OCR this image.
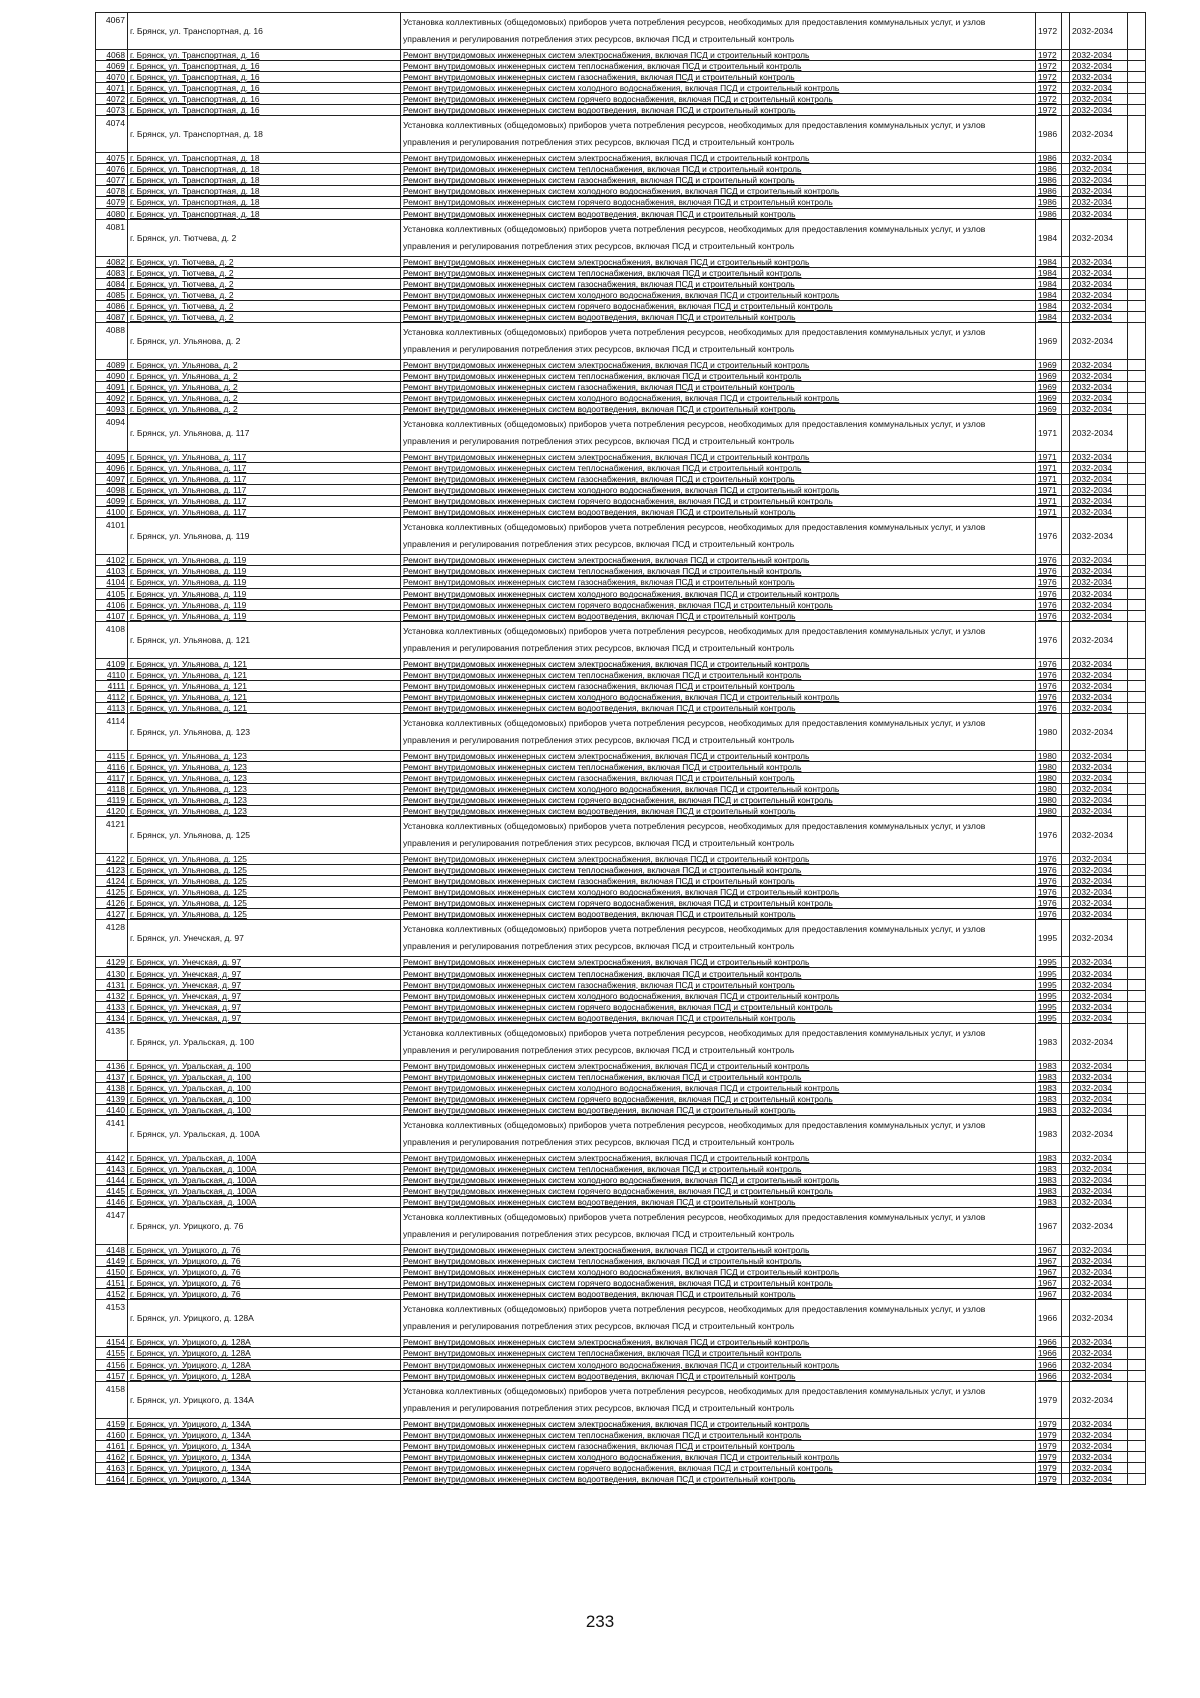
4067	г. Брянск, ул. Транспортная, д. 16	Установка коллективных (общедомовых) приборов учета потребления ресурсов, необходимых для предоставления коммунальных услуг, и узлов управления и регулирования потребления этих ресурсов, включая ПСД и строительный контроль	1972		2032-2034	
4068	г. Брянск, ул. Транспортная, д. 16	Ремонт внутридомовых инженерных систем электроснабжения, включая ПСД и строительный контроль	1972		2032-2034	
4069	г. Брянск, ул. Транспортная, д. 16	Ремонт внутридомовых инженерных систем теплоснабжения, включая ПСД и строительный контроль	1972		2032-2034	
4070	г. Брянск, ул. Транспортная, д. 16	Ремонт внутридомовых инженерных систем газоснабжения, включая ПСД и строительный контроль	1972		2032-2034	
4071	г. Брянск, ул. Транспортная, д. 16	Ремонт внутридомовых инженерных систем холодного водоснабжения, включая ПСД и строительный контроль	1972		2032-2034	
4072	г. Брянск, ул. Транспортная, д. 16	Ремонт внутридомовых инженерных систем горячего водоснабжения, включая ПСД и строительный контроль	1972		2032-2034	
4073	г. Брянск, ул. Транспортная, д. 16	Ремонт внутридомовых инженерных систем водоотведения, включая ПСД и строительный контроль	1972		2032-2034	
4074	г. Брянск, ул. Транспортная, д. 18	Установка коллективных (общедомовых) приборов учета потребления ресурсов, необходимых для предоставления коммунальных услуг, и узлов управления и регулирования потребления этих ресурсов, включая ПСД и строительный контроль	1986		2032-2034	
4075	г. Брянск, ул. Транспортная, д. 18	Ремонт внутридомовых инженерных систем электроснабжения, включая ПСД и строительный контроль	1986		2032-2034	
4076	г. Брянск, ул. Транспортная, д. 18	Ремонт внутридомовых инженерных систем теплоснабжения, включая ПСД и строительный контроль	1986		2032-2034	
4077	г. Брянск, ул. Транспортная, д. 18	Ремонт внутридомовых инженерных систем газоснабжения, включая ПСД и строительный контроль	1986		2032-2034	
4078	г. Брянск, ул. Транспортная, д. 18	Ремонт внутридомовых инженерных систем холодного водоснабжения, включая ПСД и строительный контроль	1986		2032-2034	
4079	г. Брянск, ул. Транспортная, д. 18	Ремонт внутридомовых инженерных систем горячего водоснабжения, включая ПСД и строительный контроль	1986		2032-2034	
4080	г. Брянск, ул. Транспортная, д. 18	Ремонт внутридомовых инженерных систем водоотведения, включая ПСД и строительный контроль	1986		2032-2034	
4081	г. Брянск, ул. Тютчева, д. 2	Установка коллективных (общедомовых) приборов учета потребления ресурсов, необходимых для предоставления коммунальных услуг, и узлов управления и регулирования потребления этих ресурсов, включая ПСД и строительный контроль	1984		2032-2034	
4082	г. Брянск, ул. Тютчева, д. 2	Ремонт внутридомовых инженерных систем электроснабжения, включая ПСД и строительный контроль	1984		2032-2034	
4083	г. Брянск, ул. Тютчева, д. 2	Ремонт внутридомовых инженерных систем теплоснабжения, включая ПСД и строительный контроль	1984		2032-2034	
4084	г. Брянск, ул. Тютчева, д. 2	Ремонт внутридомовых инженерных систем газоснабжения, включая ПСД и строительный контроль	1984		2032-2034	
4085	г. Брянск, ул. Тютчева, д. 2	Ремонт внутридомовых инженерных систем холодного водоснабжения, включая ПСД и строительный контроль	1984		2032-2034	
4086	г. Брянск, ул. Тютчева, д. 2	Ремонт внутридомовых инженерных систем горячего водоснабжения, включая ПСД и строительный контроль	1984		2032-2034	
4087	г. Брянск, ул. Тютчева, д. 2	Ремонт внутридомовых инженерных систем водоотведения, включая ПСД и строительный контроль	1984		2032-2034	
4088	г. Брянск, ул. Ульянова, д. 2	Установка коллективных (общедомовых) приборов учета потребления ресурсов, необходимых для предоставления коммунальных услуг, и узлов управления и регулирования потребления этих ресурсов, включая ПСД и строительный контроль	1969		2032-2034	
4089	г. Брянск, ул. Ульянова, д. 2	Ремонт внутридомовых инженерных систем электроснабжения, включая ПСД и строительный контроль	1969		2032-2034	
4090	г. Брянск, ул. Ульянова, д. 2	Ремонт внутридомовых инженерных систем теплоснабжения, включая ПСД и строительный контроль	1969		2032-2034	
4091	г. Брянск, ул. Ульянова, д. 2	Ремонт внутридомовых инженерных систем газоснабжения, включая ПСД и строительный контроль	1969		2032-2034	
4092	г. Брянск, ул. Ульянова, д. 2	Ремонт внутридомовых инженерных систем холодного водоснабжения, включая ПСД и строительный контроль	1969		2032-2034	
4093	г. Брянск, ул. Ульянова, д. 2	Ремонт внутридомовых инженерных систем водоотведения, включая ПСД и строительный контроль	1969		2032-2034	
4094	г. Брянск, ул. Ульянова, д. 117	Установка коллективных (общедомовых) приборов учета потребления ресурсов, необходимых для предоставления коммунальных услуг, и узлов управления и регулирования потребления этих ресурсов, включая ПСД и строительный контроль	1971		2032-2034	
4095	г. Брянск, ул. Ульянова, д. 117	Ремонт внутридомовых инженерных систем электроснабжения, включая ПСД и строительный контроль	1971		2032-2034	
4096	г. Брянск, ул. Ульянова, д. 117	Ремонт внутридомовых инженерных систем теплоснабжения, включая ПСД и строительный контроль	1971		2032-2034	
4097	г. Брянск, ул. Ульянова, д. 117	Ремонт внутридомовых инженерных систем газоснабжения, включая ПСД и строительный контроль	1971		2032-2034	
4098	г. Брянск, ул. Ульянова, д. 117	Ремонт внутридомовых инженерных систем холодного водоснабжения, включая ПСД и строительный контроль	1971		2032-2034	
4099	г. Брянск, ул. Ульянова, д. 117	Ремонт внутридомовых инженерных систем горячего водоснабжения, включая ПСД и строительный контроль	1971		2032-2034	
4100	г. Брянск, ул. Ульянова, д. 117	Ремонт внутридомовых инженерных систем водоотведения, включая ПСД и строительный контроль	1971		2032-2034	
4101	г. Брянск, ул. Ульянова, д. 119	Установка коллективных (общедомовых) приборов учета потребления ресурсов, необходимых для предоставления коммунальных услуг, и узлов управления и регулирования потребления этих ресурсов, включая ПСД и строительный контроль	1976		2032-2034	
4102	г. Брянск, ул. Ульянова, д. 119	Ремонт внутридомовых инженерных систем электроснабжения, включая ПСД и строительный контроль	1976		2032-2034	
4103	г. Брянск, ул. Ульянова, д. 119	Ремонт внутридомовых инженерных систем теплоснабжения, включая ПСД и строительный контроль	1976		2032-2034	
4104	г. Брянск, ул. Ульянова, д. 119	Ремонт внутридомовых инженерных систем газоснабжения, включая ПСД и строительный контроль	1976		2032-2034	
4105	г. Брянск, ул. Ульянова, д. 119	Ремонт внутридомовых инженерных систем холодного водоснабжения, включая ПСД и строительный контроль	1976		2032-2034	
4106	г. Брянск, ул. Ульянова, д. 119	Ремонт внутридомовых инженерных систем горячего водоснабжения, включая ПСД и строительный контроль	1976		2032-2034	
4107	г. Брянск, ул. Ульянова, д. 119	Ремонт внутридомовых инженерных систем водоотведения, включая ПСД и строительный контроль	1976		2032-2034	
4108	г. Брянск, ул. Ульянова, д. 121	Установка коллективных (общедомовых) приборов учета потребления ресурсов, необходимых для предоставления коммунальных услуг, и узлов управления и регулирования потребления этих ресурсов, включая ПСД и строительный контроль	1976		2032-2034	
4109	г. Брянск, ул. Ульянова, д. 121	Ремонт внутридомовых инженерных систем электроснабжения, включая ПСД и строительный контроль	1976		2032-2034	
4110	г. Брянск, ул. Ульянова, д. 121	Ремонт внутридомовых инженерных систем теплоснабжения, включая ПСД и строительный контроль	1976		2032-2034	
4111	г. Брянск, ул. Ульянова, д. 121	Ремонт внутридомовых инженерных систем газоснабжения, включая ПСД и строительный контроль	1976		2032-2034	
4112	г. Брянск, ул. Ульянова, д. 121	Ремонт внутридомовых инженерных систем холодного водоснабжения, включая ПСД и строительный контроль	1976		2032-2034	
4113	г. Брянск, ул. Ульянова, д. 121	Ремонт внутридомовых инженерных систем водоотведения, включая ПСД и строительный контроль	1976		2032-2034	
4114	г. Брянск, ул. Ульянова, д. 123	Установка коллективных (общедомовых) приборов учета потребления ресурсов, необходимых для предоставления коммунальных услуг, и узлов управления и регулирования потребления этих ресурсов, включая ПСД и строительный контроль	1980		2032-2034	
4115	г. Брянск, ул. Ульянова, д. 123	Ремонт внутридомовых инженерных систем электроснабжения, включая ПСД и строительный контроль	1980		2032-2034	
4116	г. Брянск, ул. Ульянова, д. 123	Ремонт внутридомовых инженерных систем теплоснабжения, включая ПСД и строительный контроль	1980		2032-2034	
4117	г. Брянск, ул. Ульянова, д. 123	Ремонт внутридомовых инженерных систем газоснабжения, включая ПСД и строительный контроль	1980		2032-2034	
4118	г. Брянск, ул. Ульянова, д. 123	Ремонт внутридомовых инженерных систем холодного водоснабжения, включая ПСД и строительный контроль	1980		2032-2034	
4119	г. Брянск, ул. Ульянова, д. 123	Ремонт внутридомовых инженерных систем горячего водоснабжения, включая ПСД и строительный контроль	1980		2032-2034	
4120	г. Брянск, ул. Ульянова, д. 123	Ремонт внутридомовых инженерных систем водоотведения, включая ПСД и строительный контроль	1980		2032-2034	
4121	г. Брянск, ул. Ульянова, д. 125	Установка коллективных (общедомовых) приборов учета потребления ресурсов, необходимых для предоставления коммунальных услуг, и узлов управления и регулирования потребления этих ресурсов, включая ПСД и строительный контроль	1976		2032-2034	
4122	г. Брянск, ул. Ульянова, д. 125	Ремонт внутридомовых инженерных систем электроснабжения, включая ПСД и строительный контроль	1976		2032-2034	
4123	г. Брянск, ул. Ульянова, д. 125	Ремонт внутридомовых инженерных систем теплоснабжения, включая ПСД и строительный контроль	1976		2032-2034	
4124	г. Брянск, ул. Ульянова, д. 125	Ремонт внутридомовых инженерных систем газоснабжения, включая ПСД и строительный контроль	1976		2032-2034	
4125	г. Брянск, ул. Ульянова, д. 125	Ремонт внутридомовых инженерных систем холодного водоснабжения, включая ПСД и строительный контроль	1976		2032-2034	
4126	г. Брянск, ул. Ульянова, д. 125	Ремонт внутридомовых инженерных систем горячего водоснабжения, включая ПСД и строительный контроль	1976		2032-2034	
4127	г. Брянск, ул. Ульянова, д. 125	Ремонт внутридомовых инженерных систем водоотведения, включая ПСД и строительный контроль	1976		2032-2034	
4128	г. Брянск, ул. Унечская, д. 97	Установка коллективных (общедомовых) приборов учета потребления ресурсов, необходимых для предоставления коммунальных услуг, и узлов управления и регулирования потребления этих ресурсов, включая ПСД и строительный контроль	1995		2032-2034	
4129	г. Брянск, ул. Унечская, д. 97	Ремонт внутридомовых инженерных систем электроснабжения, включая ПСД и строительный контроль	1995		2032-2034	
4130	г. Брянск, ул. Унечская, д. 97	Ремонт внутридомовых инженерных систем теплоснабжения, включая ПСД и строительный контроль	1995		2032-2034	
4131	г. Брянск, ул. Унечская, д. 97	Ремонт внутридомовых инженерных систем газоснабжения, включая ПСД и строительный контроль	1995		2032-2034	
4132	г. Брянск, ул. Унечская, д. 97	Ремонт внутридомовых инженерных систем холодного водоснабжения, включая ПСД и строительный контроль	1995		2032-2034	
4133	г. Брянск, ул. Унечская, д. 97	Ремонт внутридомовых инженерных систем горячего водоснабжения, включая ПСД и строительный контроль	1995		2032-2034	
4134	г. Брянск, ул. Унечская, д. 97	Ремонт внутридомовых инженерных систем водоотведения, включая ПСД и строительный контроль	1995		2032-2034	
4135	г. Брянск, ул. Уральская, д. 100	Установка коллективных (общедомовых) приборов учета потребления ресурсов, необходимых для предоставления коммунальных услуг, и узлов управления и регулирования потребления этих ресурсов, включая ПСД и строительный контроль	1983		2032-2034	
4136	г. Брянск, ул. Уральская, д. 100	Ремонт внутридомовых инженерных систем электроснабжения, включая ПСД и строительный контроль	1983		2032-2034	
4137	г. Брянск, ул. Уральская, д. 100	Ремонт внутридомовых инженерных систем теплоснабжения, включая ПСД и строительный контроль	1983		2032-2034	
4138	г. Брянск, ул. Уральская, д. 100	Ремонт внутридомовых инженерных систем холодного водоснабжения, включая ПСД и строительный контроль	1983		2032-2034	
4139	г. Брянск, ул. Уральская, д. 100	Ремонт внутридомовых инженерных систем горячего водоснабжения, включая ПСД и строительный контроль	1983		2032-2034	
4140	г. Брянск, ул. Уральская, д. 100	Ремонт внутридомовых инженерных систем водоотведения, включая ПСД и строительный контроль	1983		2032-2034	
4141	г. Брянск, ул. Уральская, д. 100А	Установка коллективных (общедомовых) приборов учета потребления ресурсов, необходимых для предоставления коммунальных услуг, и узлов управления и регулирования потребления этих ресурсов, включая ПСД и строительный контроль	1983		2032-2034	
4142	г. Брянск, ул. Уральская, д. 100А	Ремонт внутридомовых инженерных систем электроснабжения, включая ПСД и строительный контроль	1983		2032-2034	
4143	г. Брянск, ул. Уральская, д. 100А	Ремонт внутридомовых инженерных систем теплоснабжения, включая ПСД и строительный контроль	1983		2032-2034	
4144	г. Брянск, ул. Уральская, д. 100А	Ремонт внутридомовых инженерных систем холодного водоснабжения, включая ПСД и строительный контроль	1983		2032-2034	
4145	г. Брянск, ул. Уральская, д. 100А	Ремонт внутридомовых инженерных систем горячего водоснабжения, включая ПСД и строительный контроль	1983		2032-2034	
4146	г. Брянск, ул. Уральская, д. 100А	Ремонт внутридомовых инженерных систем водоотведения, включая ПСД и строительный контроль	1983		2032-2034	
4147	г. Брянск, ул. Урицкого, д. 76	Установка коллективных (общедомовых) приборов учета потребления ресурсов, необходимых для предоставления коммунальных услуг, и узлов управления и регулирования потребления этих ресурсов, включая ПСД и строительный контроль	1967		2032-2034	
4148	г. Брянск, ул. Урицкого, д. 76	Ремонт внутридомовых инженерных систем электроснабжения, включая ПСД и строительный контроль	1967		2032-2034	
4149	г. Брянск, ул. Урицкого, д. 76	Ремонт внутридомовых инженерных систем теплоснабжения, включая ПСД и строительный контроль	1967		2032-2034	
4150	г. Брянск, ул. Урицкого, д. 76	Ремонт внутридомовых инженерных систем холодного водоснабжения, включая ПСД и строительный контроль	1967		2032-2034	
4151	г. Брянск, ул. Урицкого, д. 76	Ремонт внутридомовых инженерных систем горячего водоснабжения, включая ПСД и строительный контроль	1967		2032-2034	
4152	г. Брянск, ул. Урицкого, д. 76	Ремонт внутридомовых инженерных систем водоотведения, включая ПСД и строительный контроль	1967		2032-2034	
4153	г. Брянск, ул. Урицкого, д. 128А	Установка коллективных (общедомовых) приборов учета потребления ресурсов, необходимых для предоставления коммунальных услуг, и узлов управления и регулирования потребления этих ресурсов, включая ПСД и строительный контроль	1966		2032-2034	
4154	г. Брянск, ул. Урицкого, д. 128А	Ремонт внутридомовых инженерных систем электроснабжения, включая ПСД и строительный контроль	1966		2032-2034	
4155	г. Брянск, ул. Урицкого, д. 128А	Ремонт внутридомовых инженерных систем теплоснабжения, включая ПСД и строительный контроль	1966		2032-2034	
4156	г. Брянск, ул. Урицкого, д. 128А	Ремонт внутридомовых инженерных систем холодного водоснабжения, включая ПСД и строительный контроль	1966		2032-2034	
4157	г. Брянск, ул. Урицкого, д. 128А	Ремонт внутридомовых инженерных систем водоотведения, включая ПСД и строительный контроль	1966		2032-2034	
4158	г. Брянск, ул. Урицкого, д. 134А	Установка коллективных (общедомовых) приборов учета потребления ресурсов, необходимых для предоставления коммунальных услуг, и узлов управления и регулирования потребления этих ресурсов, включая ПСД и строительный контроль	1979		2032-2034	
4159	г. Брянск, ул. Урицкого, д. 134А	Ремонт внутридомовых инженерных систем электроснабжения, включая ПСД и строительный контроль	1979		2032-2034	
4160	г. Брянск, ул. Урицкого, д. 134А	Ремонт внутридомовых инженерных систем теплоснабжения, включая ПСД и строительный контроль	1979		2032-2034	
4161	г. Брянск, ул. Урицкого, д. 134А	Ремонт внутридомовых инженерных систем газоснабжения, включая ПСД и строительный контроль	1979		2032-2034	
4162	г. Брянск, ул. Урицкого, д. 134А	Ремонт внутридомовых инженерных систем холодного водоснабжения, включая ПСД и строительный контроль	1979		2032-2034	
4163	г. Брянск, ул. Урицкого, д. 134А	Ремонт внутридомовых инженерных систем горячего водоснабжения, включая ПСД и строительный контроль	1979		2032-2034	
4164	г. Брянск, ул. Урицкого, д. 134А	Ремонт внутридомовых инженерных систем водоотведения, включая ПСД и строительный контроль	1979		2032-2034	
233
